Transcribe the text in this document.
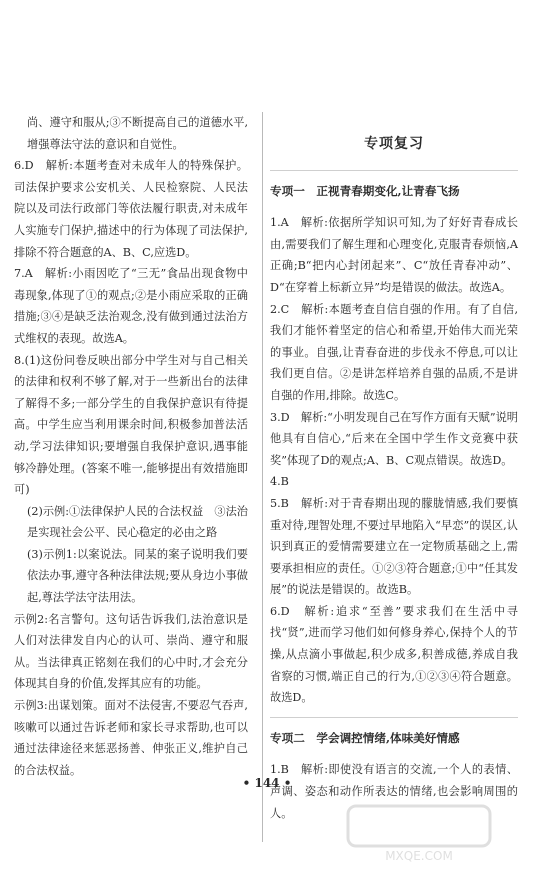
尚、遵守和服从;③不断提高自己的道德水平,增强尊法守法的意识和自觉性。

6.D　解析:本题考查对未成年人的特殊保护。司法保护要求公安机关、人民检察院、人民法院以及司法行政部门等依法履行职责,对未成年人实施专门保护,描述中的行为体现了司法保护,排除不符合题意的A、B、C,应选D。

7.A　解析:小雨因吃了“三无”食品出现食物中毒现象,体现了①的观点;②是小雨应采取的正确措施;③④是缺乏法治观念,没有做到通过法治方式维权的表现。故选A。

8.(1)这份问卷反映出部分中学生对与自己相关的法律和权利不够了解,对于一些新出台的法律了解得不多;一部分学生的自我保护意识有待提高。中学生应当利用课余时间,积极参加普法活动,学习法律知识;要增强自我保护意识,遇事能够冷静处理。(答案不唯一,能够提出有效措施即可)

(2)示例:①法律保护人民的合法权益　③法治是实现社会公平、民心稳定的必由之路

(3)示例1:以案说法。同某的案子说明我们要依法办事,遵守各种法律法规;要从身边小事做起,尊法学法守法用法。

示例2:名言警句。这句话告诉我们,法治意识是人们对法律发自内心的认可、崇尚、遵守和服从。当法律真正铭刻在我们的心中时,才会充分体现其自身的价值,发挥其应有的功能。

示例3:出谋划策。面对不法侵害,不要忍气吞声,咳嗽可以通过告诉老师和家长寻求帮助,也可以通过法律途径来惩恶扬善、伸张正义,维护自己的合法权益。

专项复习
专项一　正视青春期变化,让青春飞扬

1.A　解析:依据所学知识可知,为了好好青春成长由,需要我们了解生理和心理变化,克服青春烦恼,A正确;B“把内心封闭起来”、C“放任青春冲动”、D“在穿着上标新立异”均是错误的做法。故选A。

2.C　解析:本题考查自信自强的作用。有了自信,我们才能怀着坚定的信心和希望,开始伟大而光荣的事业。自强,让青春奋进的步伐永不停息,可以让我们更自信。②是讲怎样培养自强的品质,不是讲自强的作用,排除。故选C。

3.D　解析:“小明发现自己在写作方面有天赋”说明他具有自信心,“后来在全国中学生作文竞赛中获奖”体现了D的观点;A、B、C观点错误。故选D。

4.B

5.B　解析:对于青春期出现的朦胧情感,我们要慎重对待,理智处理,不要过早地陷入“早恋”的误区,认识到真正的爱情需要建立在一定物质基础之上,需要承担相应的责任。①②③符合题意;①中“任其发展”的说法是错误的。故选B。

6.D　解析:追求“至善”要求我们在生活中寻找“贤”,进而学习他们如何修身养心,保持个人的节操,从点滴小事做起,积少成多,积善成德,养成自我省察的习惯,端正自己的行为,①②③④符合题意。故选D。

专项二　学会调控情绪,体味美好情感

1.B　解析:即使没有语言的交流,一个人的表情、声调、姿态和动作所表达的情绪,也会影响周围的人。

• 144 •
MXQE.COM
